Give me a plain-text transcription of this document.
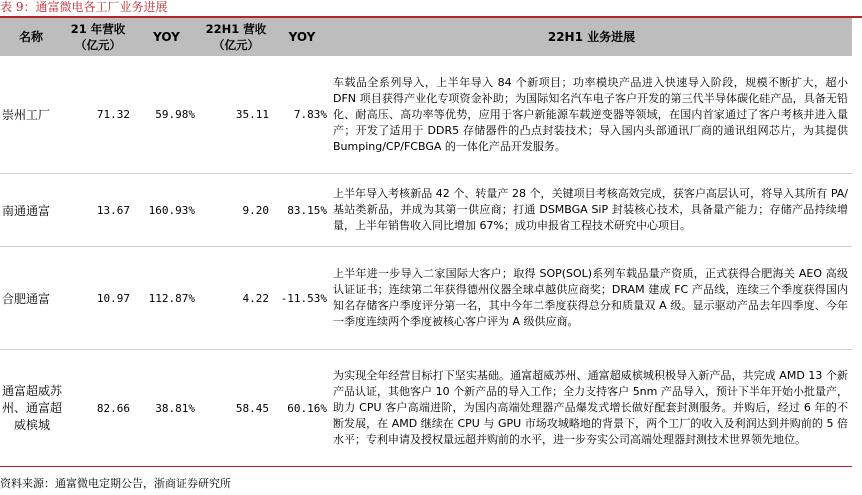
表 9：通富微电各工厂业务进展
名称	21 年营收（亿元）	YOY	22H1 营收（亿元）	YOY	22H1 业务进展
崇州工厂	71.32	59.98%	35.11	7.83%	车载品全系列导入，上半年导入 84 个新项目；功率模块产品进入快速导入阶段，规模不断扩大，超小 DFN 项目获得产业化专项资金补助；为国际知名汽车电子客户开发的第三代半导体碳化硅产品，具备无铅化、耐高压、高功率等优势，应用于客户新能源车载逆变器等领域，在国内首家通过了客户考核并进入量产；开发了适用于 DDR5 存储器件的凸点封装技术；导入国内头部通讯厂商的通讯组网芯片，为其提供 Bumping/CP/FCBGA 的一体化产品开发服务。
南通通富	13.67	160.93%	9.20	83.15%	上半年导入考核新品 42 个、转量产 28 个，关键项目考核高效完成，获客户高层认可，将导入其所有 PA/基站类新品，并成为其第一供应商；打通 DSMBGA SiP 封装核心技术，具备量产能力；存储产品持续增量，上半年销售收入同比增加 67%；成功申报省工程技术研究中心项目。
合肥通富	10.97	112.87%	4.22	-11.53%	上半年进一步导入二家国际大客户；取得 SOP(SOL)系列车载品量产资质，正式获得合肥海关 AEO 高级认证证书；连续第二年获得德州仪器全球卓越供应商奖；DRAM 建成 FC 产品线，连续三个季度获得国内知名存储客户季度评分第一名，其中今年二季度获得总分和质量双 A 级。显示驱动产品去年四季度、今年一季度连续两个季度被核心客户评为 A 级供应商。
通富超威苏州、通富超威槟城	82.66	38.81%	58.45	60.16%	为实现全年经营目标打下坚实基础。通富超威苏州、通富超威槟城积极导入新产品，共完成 AMD 13 个新产品认证，其他客户 10 个新产品的导入工作；全力支持客户 5nm 产品导入，预计下半年开始小批量产，助力 CPU 客户高端进阶，为国内高端处理器产品爆发式增长做好配套封测服务。并购后，经过 6 年的不断发展，在 AMD 继续在 CPU 与 GPU 市场攻城略地的背景下，两个工厂的收入及利润达到并购前的 5 倍水平；专利申请及授权量远超并购前的水平，进一步夯实公司高端处理器封测技术世界领先地位。
资料来源：通富微电定期公告，浙商证券研究所
